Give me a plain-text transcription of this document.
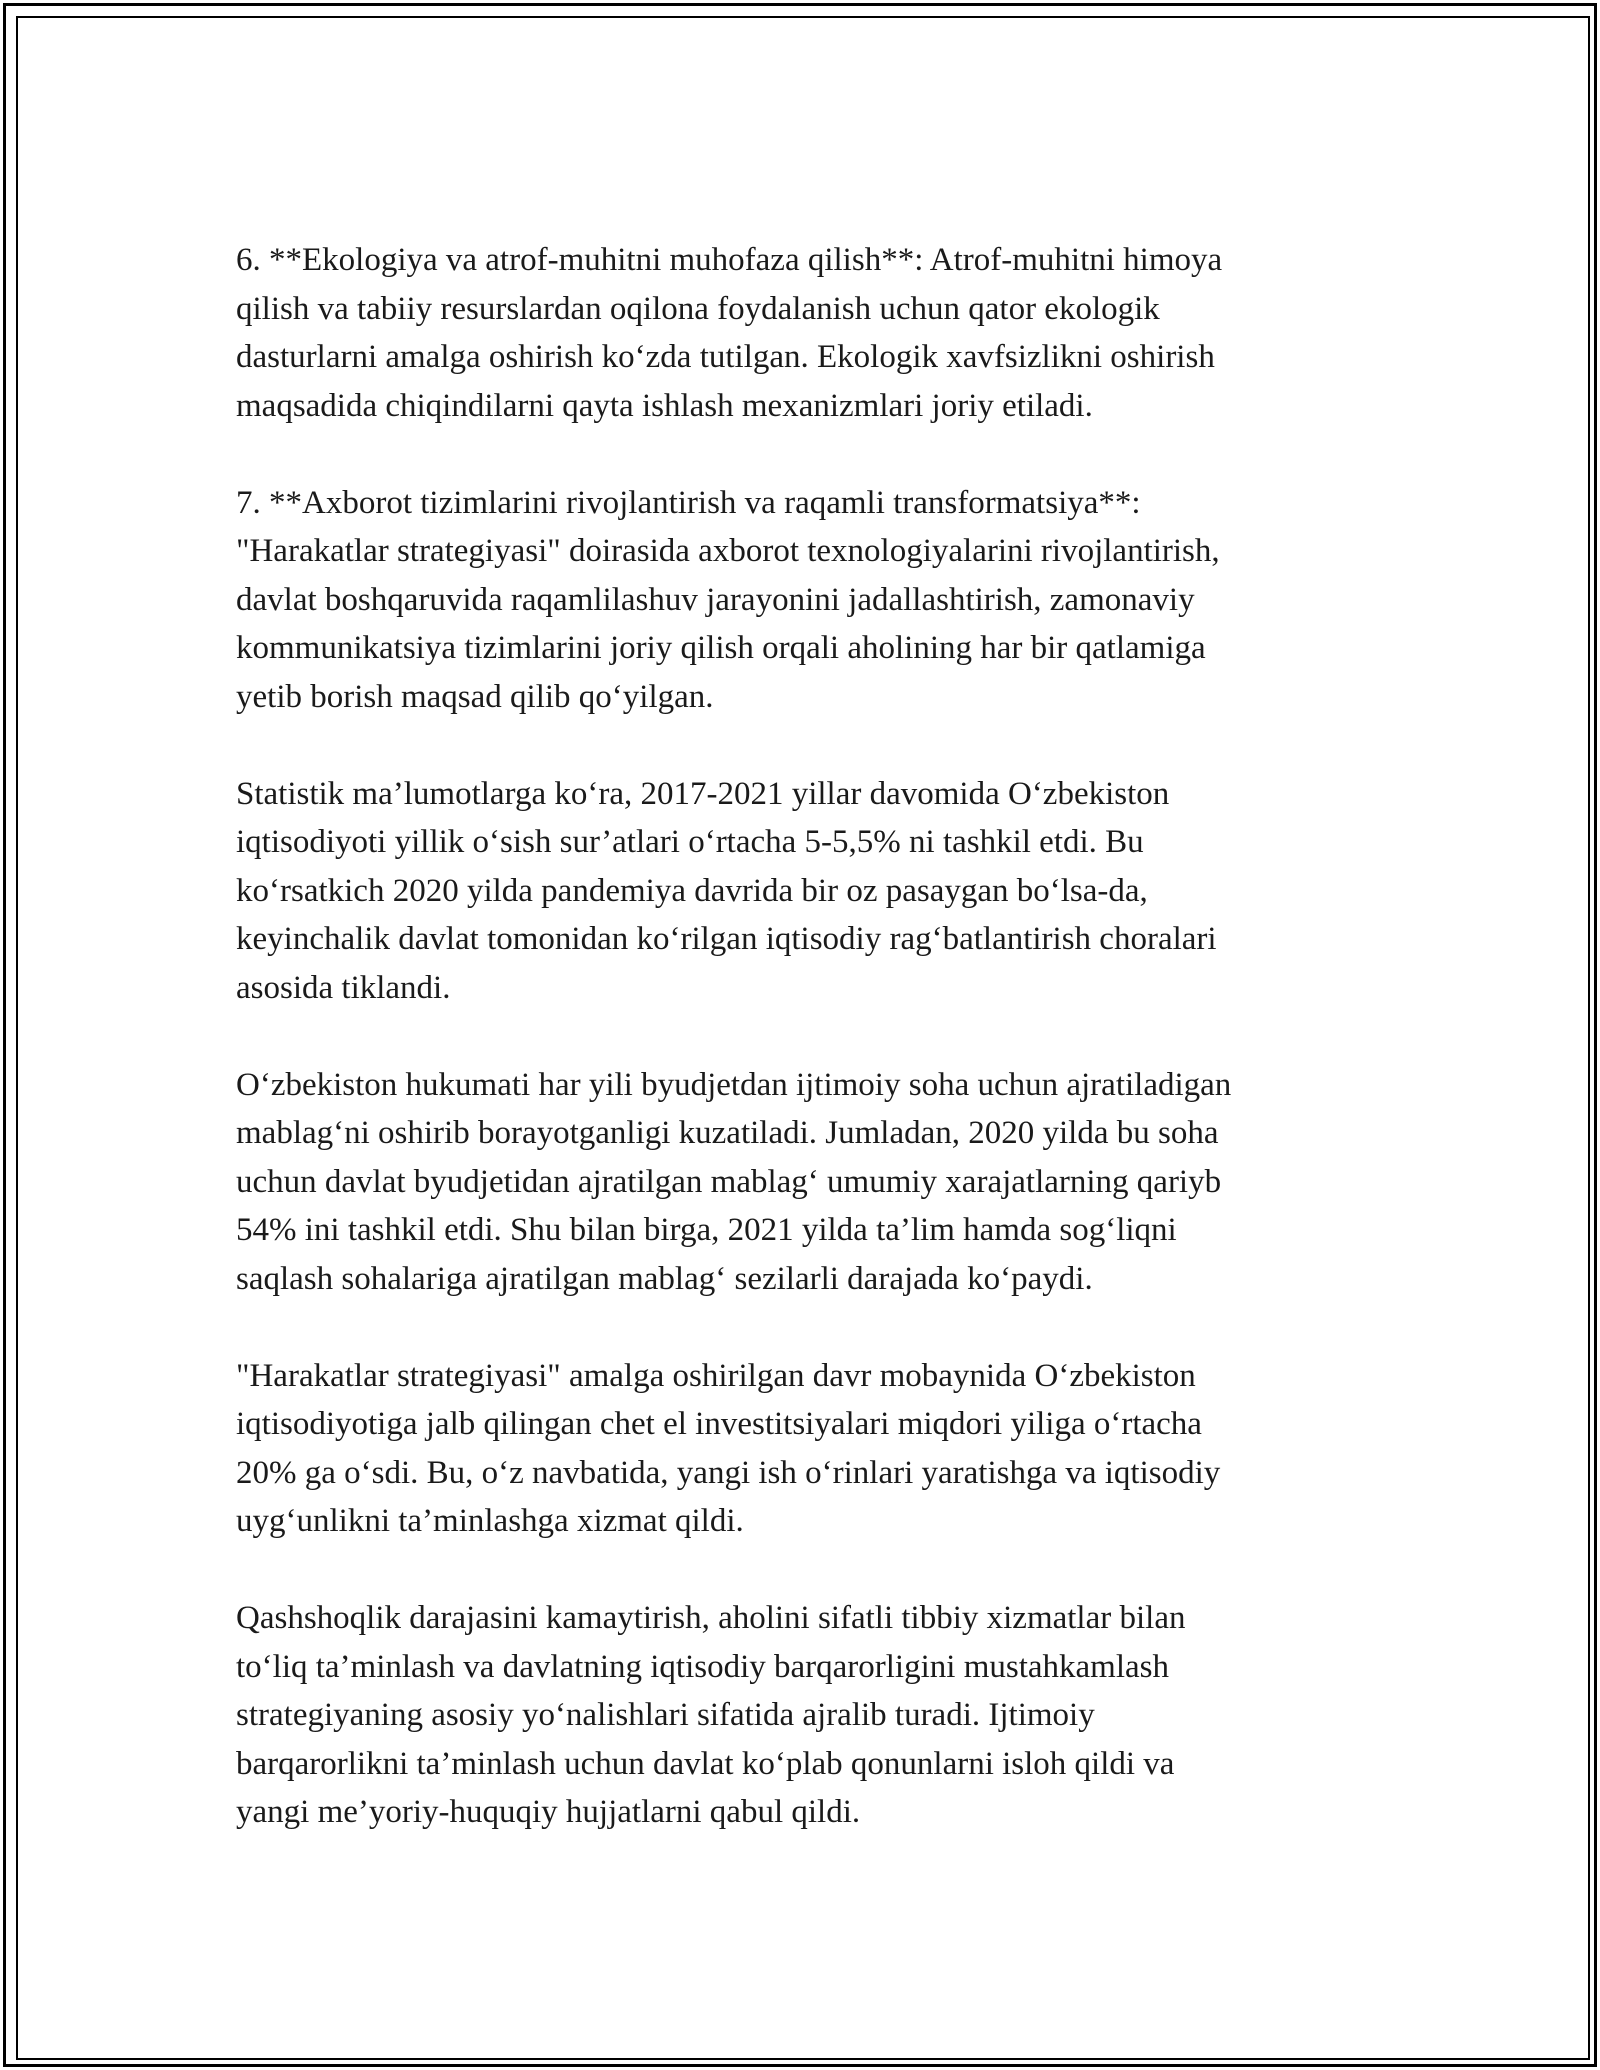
6. **Ekologiya va atrof-muhitni muhofaza qilish**: Atrof-muhitni himoya
qilish va tabiiy resurslardan oqilona foydalanish uchun qator ekologik
dasturlarni amalga oshirish ko‘zda tutilgan. Ekologik xavfsizlikni oshirish
maqsadida chiqindilarni qayta ishlash mexanizmlari joriy etiladi.

7. **Axborot tizimlarini rivojlantirish va raqamli transformatsiya**:
"Harakatlar strategiyasi" doirasida axborot texnologiyalarini rivojlantirish,
davlat boshqaruvida raqamlilashuv jarayonini jadallashtirish, zamonaviy
kommunikatsiya tizimlarini joriy qilish orqali aholining har bir qatlamiga
yetib borish maqsad qilib qo‘yilgan.

Statistik ma’lumotlarga ko‘ra, 2017-2021 yillar davomida O‘zbekiston
iqtisodiyoti yillik o‘sish sur’atlari o‘rtacha 5-5,5% ni tashkil etdi. Bu
ko‘rsatkich 2020 yilda pandemiya davrida bir oz pasaygan bo‘lsa-da,
keyinchalik davlat tomonidan ko‘rilgan iqtisodiy rag‘batlantirish choralari
asosida tiklandi.

O‘zbekiston hukumati har yili byudjetdan ijtimoiy soha uchun ajratiladigan
mablag‘ni oshirib borayotganligi kuzatiladi. Jumladan, 2020 yilda bu soha
uchun davlat byudjetidan ajratilgan mablag‘ umumiy xarajatlarning qariyb
54% ini tashkil etdi. Shu bilan birga, 2021 yilda ta’lim hamda sog‘liqni
saqlash sohalariga ajratilgan mablag‘ sezilarli darajada ko‘paydi.

"Harakatlar strategiyasi" amalga oshirilgan davr mobaynida O‘zbekiston
iqtisodiyotiga jalb qilingan chet el investitsiyalari miqdori yiliga o‘rtacha
20% ga o‘sdi. Bu, o‘z navbatida, yangi ish o‘rinlari yaratishga va iqtisodiy
uyg‘unlikni ta’minlashga xizmat qildi.

Qashshoqlik darajasini kamaytirish, aholini sifatli tibbiy xizmatlar bilan
to‘liq ta’minlash va davlatning iqtisodiy barqarorligini mustahkamlash
strategiyaning asosiy yo‘nalishlari sifatida ajralib turadi. Ijtimoiy
barqarorlikni ta’minlash uchun davlat ko‘plab qonunlarni isloh qildi va
yangi me’yoriy-huquqiy hujjatlarni qabul qildi.
